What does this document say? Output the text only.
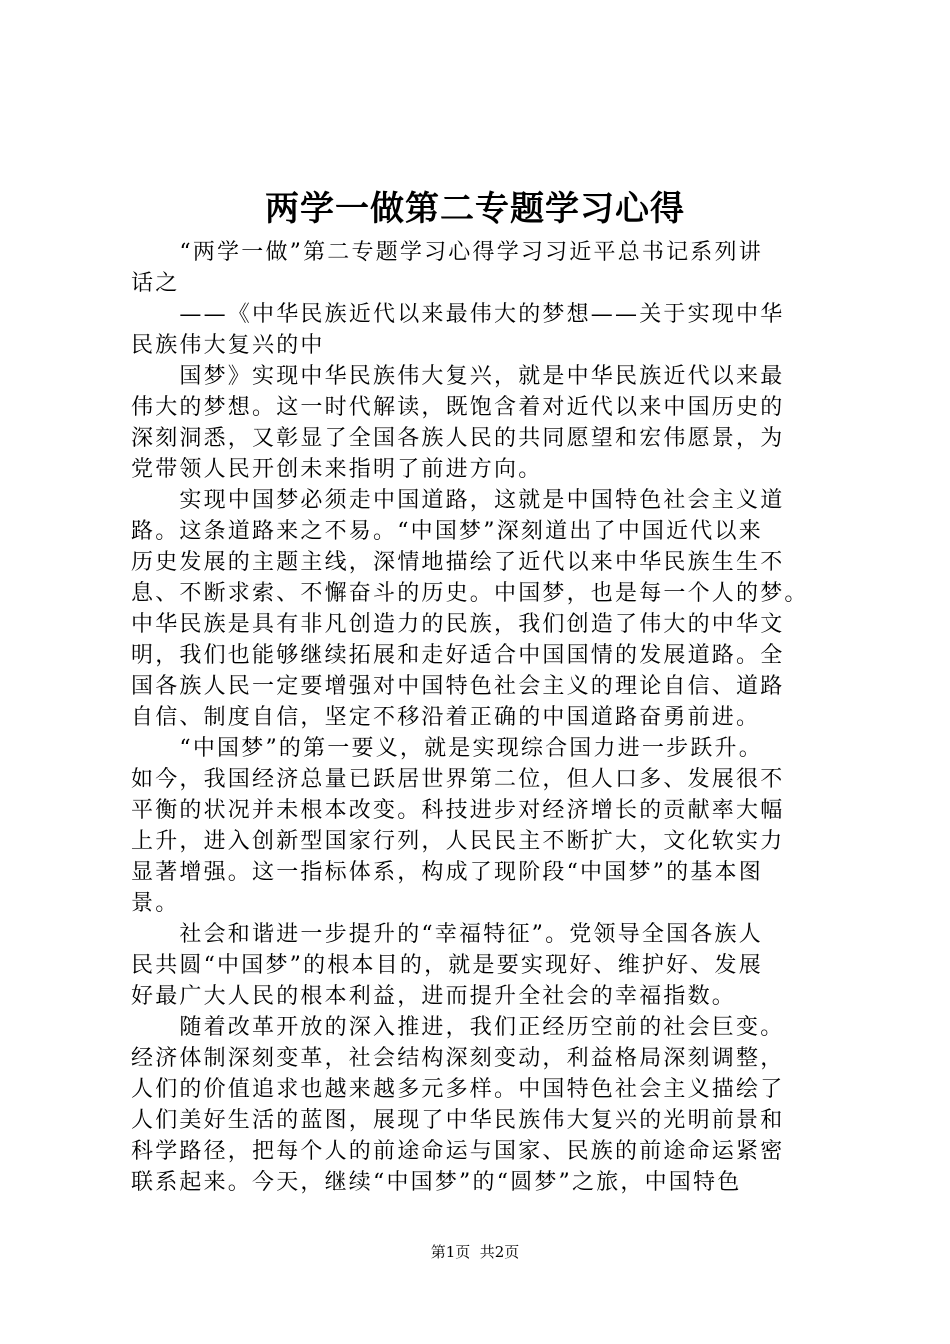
两学一做第二专题学习心得
　　“两学一做”第二专题学习心得学习习近平总书记系列讲
话之
　　——《中华民族近代以来最伟大的梦想——关于实现中华
民族伟大复兴的中
　　国梦》实现中华民族伟大复兴，就是中华民族近代以来最
伟大的梦想。这一时代解读，既饱含着对近代以来中国历史的
深刻洞悉，又彰显了全国各族人民的共同愿望和宏伟愿景，为
党带领人民开创未来指明了前进方向。
　　实现中国梦必须走中国道路，这就是中国特色社会主义道
路。这条道路来之不易。“中国梦”深刻道出了中国近代以来
历史发展的主题主线，深情地描绘了近代以来中华民族生生不
息、不断求索、不懈奋斗的历史。中国梦，也是每一个人的梦。
中华民族是具有非凡创造力的民族，我们创造了伟大的中华文
明，我们也能够继续拓展和走好适合中国国情的发展道路。全
国各族人民一定要增强对中国特色社会主义的理论自信、道路
自信、制度自信，坚定不移沿着正确的中国道路奋勇前进。
　　“中国梦”的第一要义，就是实现综合国力进一步跃升。
如今，我国经济总量已跃居世界第二位，但人口多、发展很不
平衡的状况并未根本改变。科技进步对经济增长的贡献率大幅
上升，进入创新型国家行列，人民民主不断扩大，文化软实力
显著增强。这一指标体系，构成了现阶段“中国梦”的基本图
景。
　　社会和谐进一步提升的“幸福特征”。党领导全国各族人
民共圆“中国梦”的根本目的，就是要实现好、维护好、发展
好最广大人民的根本利益，进而提升全社会的幸福指数。
　　随着改革开放的深入推进，我们正经历空前的社会巨变。
经济体制深刻变革，社会结构深刻变动，利益格局深刻调整，
人们的价值追求也越来越多元多样。中国特色社会主义描绘了
人们美好生活的蓝图，展现了中华民族伟大复兴的光明前景和
科学路径，把每个人的前途命运与国家、民族的前途命运紧密
联系起来。今天，继续“中国梦”的“圆梦”之旅，中国特色
第1页  共2页
